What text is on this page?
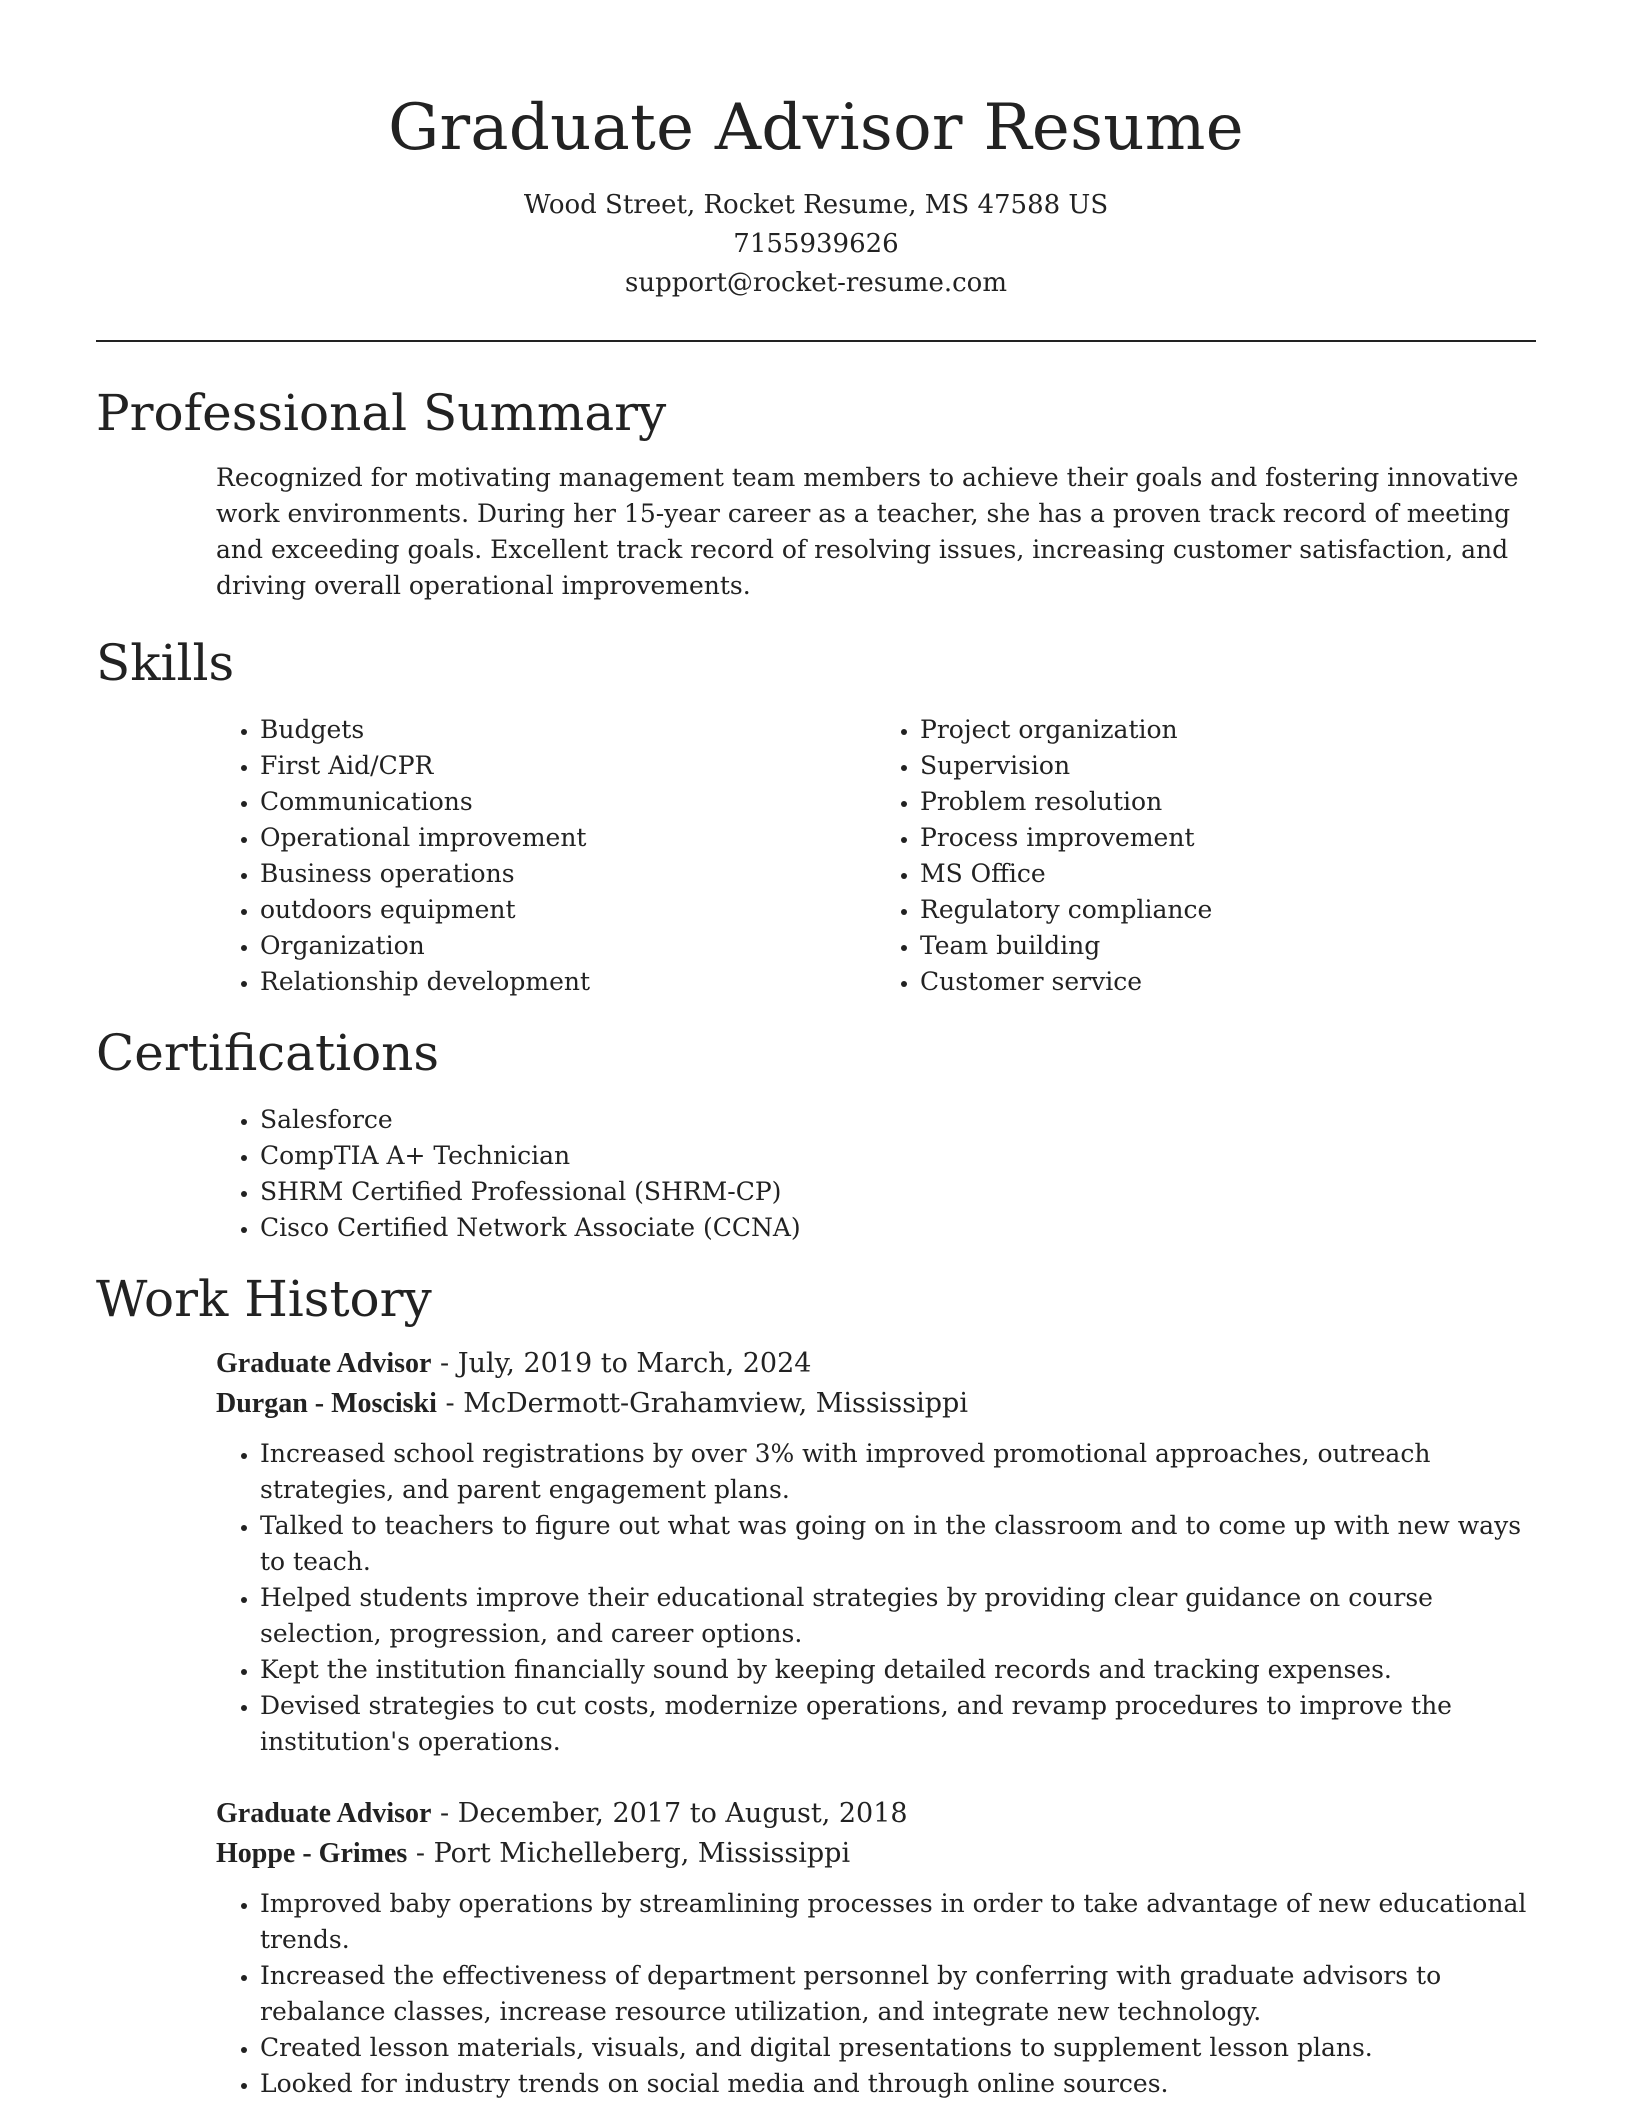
Graduate Advisor Resume
Wood Street, Rocket Resume, MS 47588 US
7155939626
support@rocket-resume.com
Professional Summary

Recognized for motivating management team members to achieve their goals and fostering innovative work environments. During her 15-year career as a teacher, she has a proven track record of meeting and exceeding goals. Excellent track record of resolving issues, increasing customer satisfaction, and driving overall operational improvements.

Skills
• Budgets
• First Aid/CPR
• Communications
• Operational improvement
• Business operations
• outdoors equipment
• Organization
• Relationship development
• Project organization
• Supervision
• Problem resolution
• Process improvement
• MS Office
• Regulatory compliance
• Team building
• Customer service
Certifications
• Salesforce
• CompTIA A+ Technician
• SHRM Certified Professional (SHRM-CP)
• Cisco Certified Network Associate (CCNA)
Work History
Graduate Advisor - July, 2019 to March, 2024
Durgan - Mosciski - McDermott-Grahamview, Mississippi
• Increased school registrations by over 3% with improved promotional approaches, outreach strategies, and parent engagement plans.
• Talked to teachers to figure out what was going on in the classroom and to come up with new ways to teach.
• Helped students improve their educational strategies by providing clear guidance on course selection, progression, and career options.
• Kept the institution financially sound by keeping detailed records and tracking expenses.
• Devised strategies to cut costs, modernize operations, and revamp procedures to improve the institution's operations.
Graduate Advisor - December, 2017 to August, 2018
Hoppe - Grimes - Port Michelleberg, Mississippi
• Improved baby operations by streamlining processes in order to take advantage of new educational trends.
• Increased the effectiveness of department personnel by conferring with graduate advisors to rebalance classes, increase resource utilization, and integrate new technology.
• Created lesson materials, visuals, and digital presentations to supplement lesson plans.
• Looked for industry trends on social media and through online sources.
